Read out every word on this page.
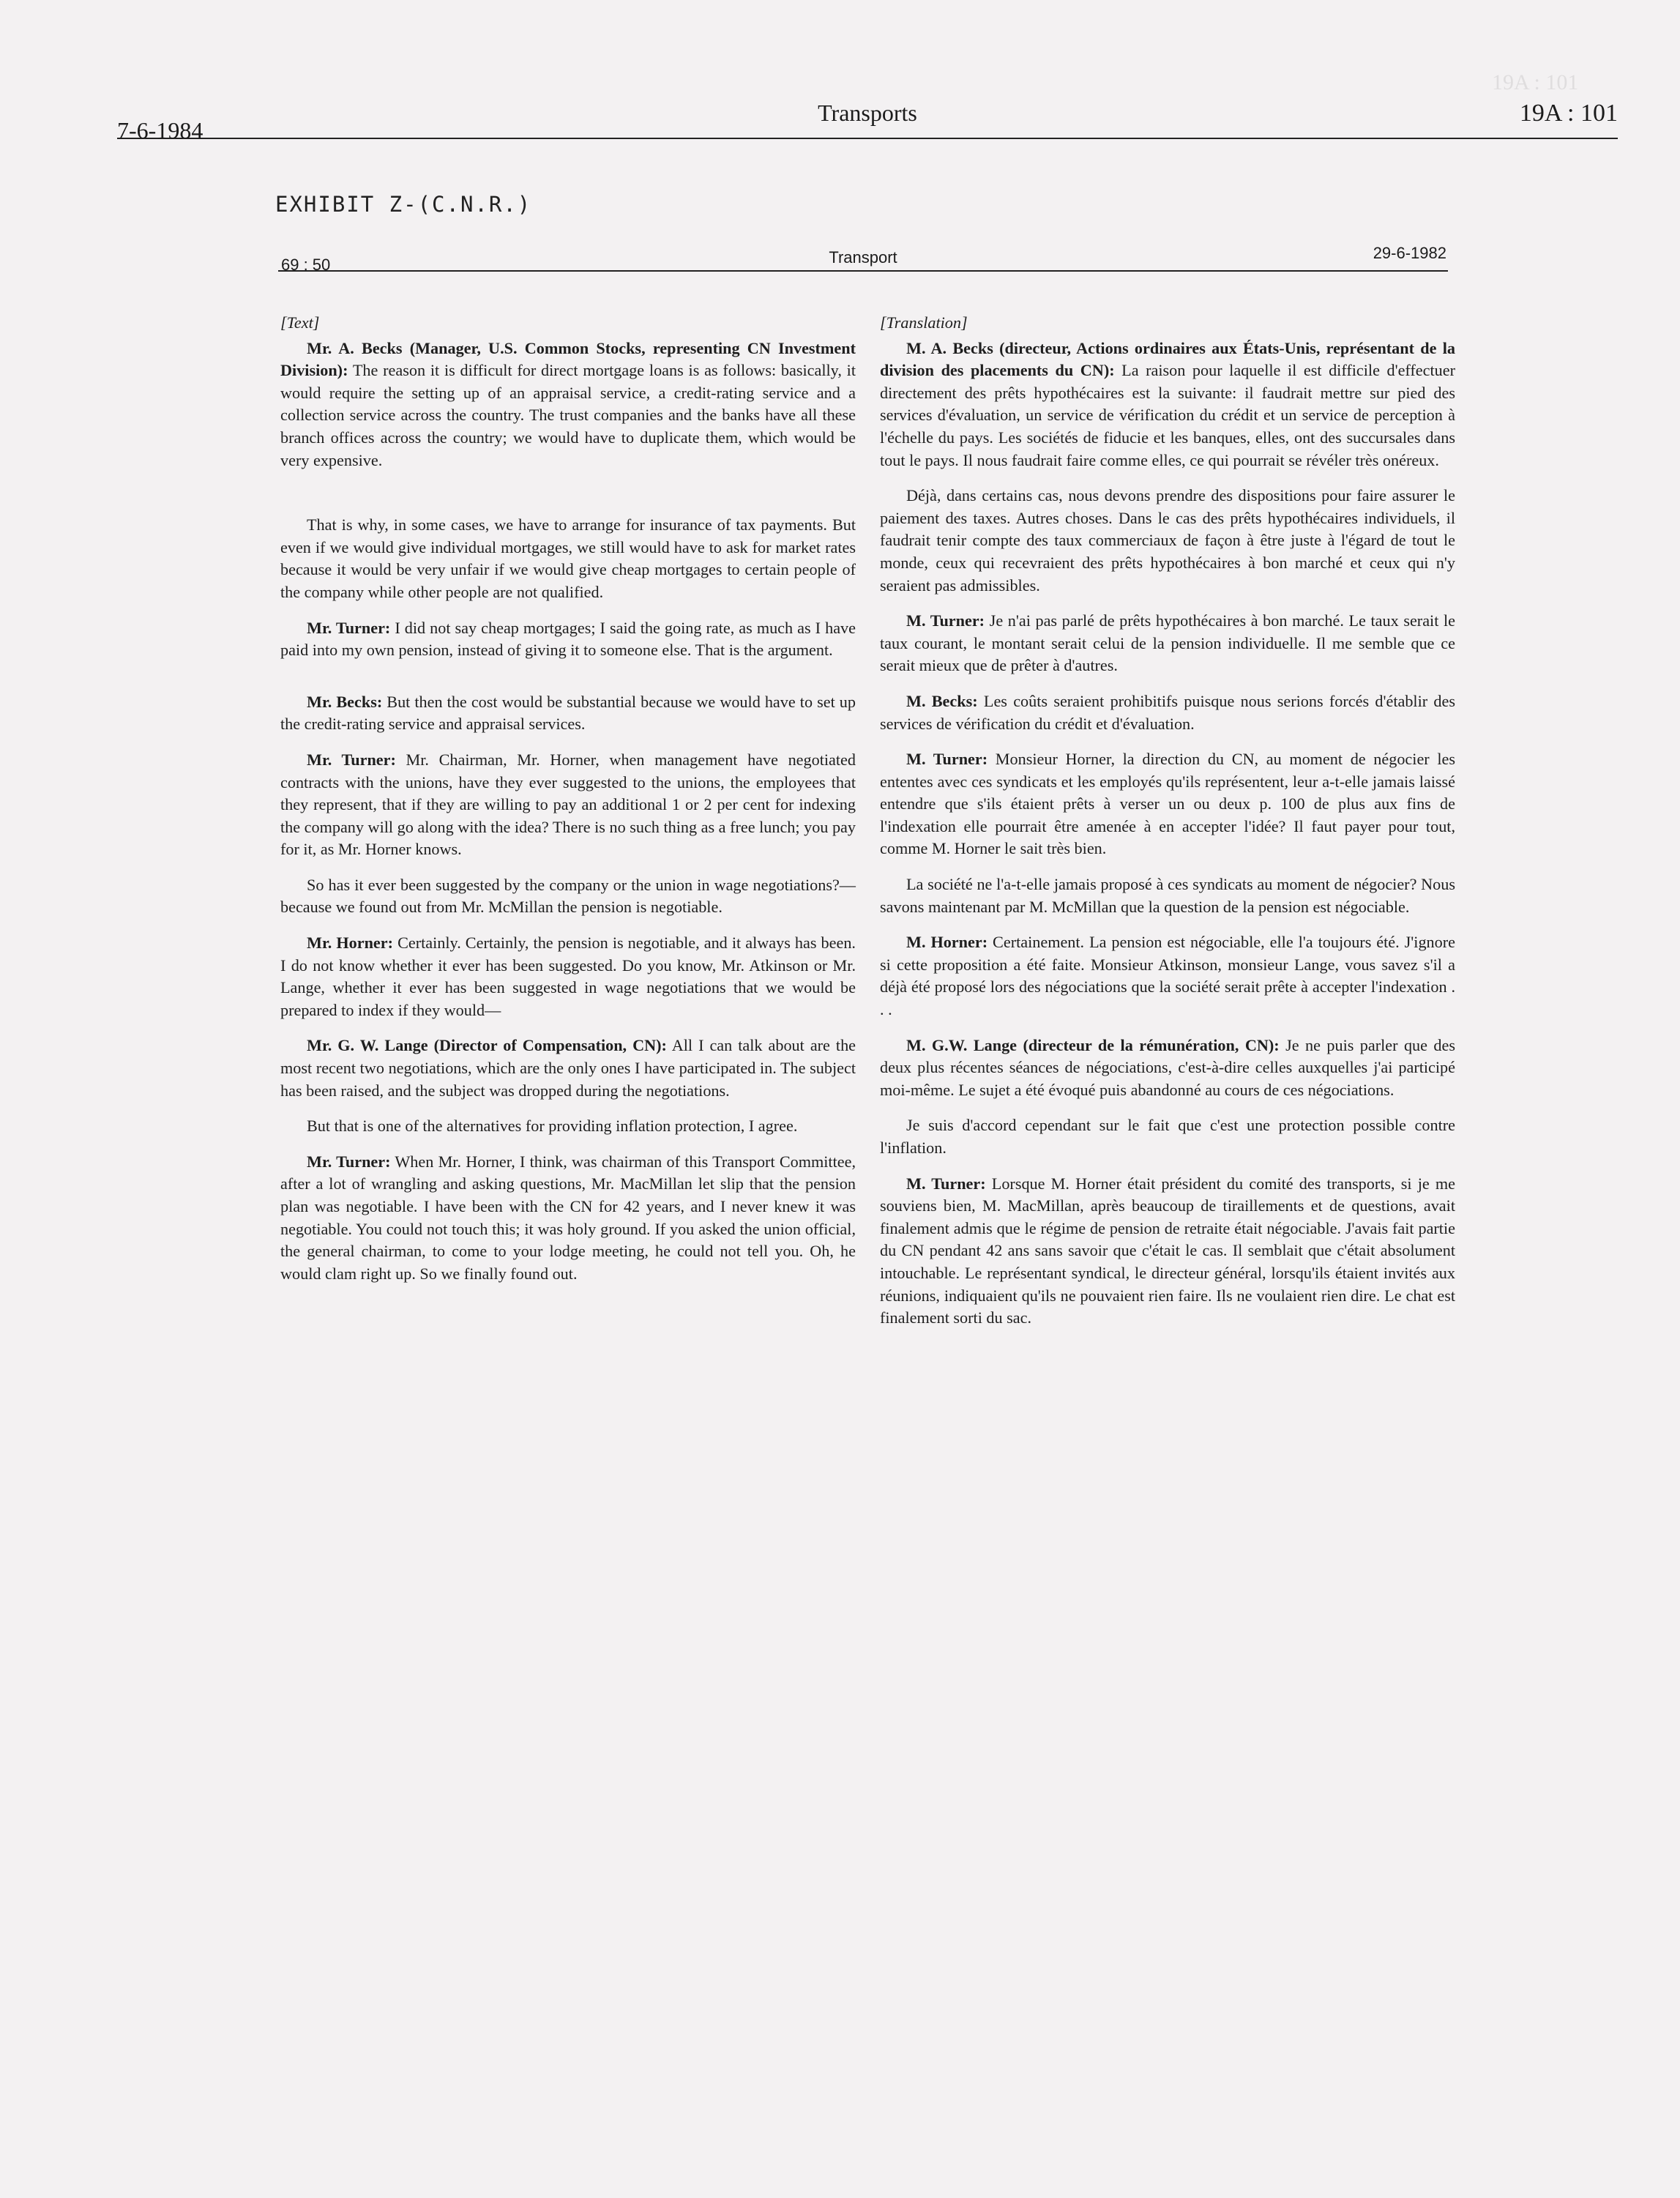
19A : 101
7-6-1984
Transports	19A : 101
EXHIBIT Z-(C.N.R.)
69 : 50	Transport	29-6-1982

[Text]

Mr. A. Becks (Manager, U.S. Common Stocks, representing CN Investment Division): The reason it is difficult for direct mortgage loans is as follows: basically, it would require the setting up of an appraisal service, a credit-rating service and a collection service across the country. The trust companies and the banks have all these branch offices across the country; we would have to duplicate them, which would be very expensive.

That is why, in some cases, we have to arrange for insurance of tax payments. But even if we would give individual mortgages, we still would have to ask for market rates because it would be very unfair if we would give cheap mortgages to certain people of the company while other people are not qualified.

Mr. Turner: I did not say cheap mortgages; I said the going rate, as much as I have paid into my own pension, instead of giving it to someone else. That is the argument.

Mr. Becks: But then the cost would be substantial because we would have to set up the credit-rating service and appraisal services.

Mr. Turner: Mr. Chairman, Mr. Horner, when management have negotiated contracts with the unions, have they ever suggested to the unions, the employees that they represent, that if they are willing to pay an additional 1 or 2 per cent for indexing the company will go along with the idea? There is no such thing as a free lunch; you pay for it, as Mr. Horner knows.

So has it ever been suggested by the company or the union in wage negotiations?—because we found out from Mr. McMillan the pension is negotiable.

Mr. Horner: Certainly. Certainly, the pension is negotiable, and it always has been. I do not know whether it ever has been suggested. Do you know, Mr. Atkinson or Mr. Lange, whether it ever has been suggested in wage negotiations that we would be prepared to index if they would—

Mr. G. W. Lange (Director of Compensation, CN): All I can talk about are the most recent two negotiations, which are the only ones I have participated in. The subject has been raised, and the subject was dropped during the negotiations.

But that is one of the alternatives for providing inflation protection, I agree.

Mr. Turner: When Mr. Horner, I think, was chairman of this Transport Committee, after a lot of wrangling and asking questions, Mr. MacMillan let slip that the pension plan was negotiable. I have been with the CN for 42 years, and I never knew it was negotiable. You could not touch this; it was holy ground. If you asked the union official, the general chairman, to come to your lodge meeting, he could not tell you. Oh, he would clam right up. So we finally found out.

[Translation]

M. A. Becks (directeur, Actions ordinaires aux États-Unis, représentant de la division des placements du CN): La raison pour laquelle il est difficile d'effectuer directement des prêts hypothécaires est la suivante: il faudrait mettre sur pied des services d'évaluation, un service de vérification du crédit et un service de perception à l'échelle du pays. Les sociétés de fiducie et les banques, elles, ont des succursales dans tout le pays. Il nous faudrait faire comme elles, ce qui pourrait se révéler très onéreux.

Déjà, dans certains cas, nous devons prendre des dispositions pour faire assurer le paiement des taxes. Autres choses. Dans le cas des prêts hypothécaires individuels, il faudrait tenir compte des taux commerciaux de façon à être juste à l'égard de tout le monde, ceux qui recevraient des prêts hypothécaires à bon marché et ceux qui n'y seraient pas admissibles.

M. Turner: Je n'ai pas parlé de prêts hypothécaires à bon marché. Le taux serait le taux courant, le montant serait celui de la pension individuelle. Il me semble que ce serait mieux que de prêter à d'autres.

M. Becks: Les coûts seraient prohibitifs puisque nous serions forcés d'établir des services de vérification du crédit et d'évaluation.

M. Turner: Monsieur Horner, la direction du CN, au moment de négocier les ententes avec ces syndicats et les employés qu'ils représentent, leur a-t-elle jamais laissé entendre que s'ils étaient prêts à verser un ou deux p. 100 de plus aux fins de l'indexation elle pourrait être amenée à en accepter l'idée? Il faut payer pour tout, comme M. Horner le sait très bien.

La société ne l'a-t-elle jamais proposé à ces syndicats au moment de négocier? Nous savons maintenant par M. McMillan que la question de la pension est négociable.

M. Horner: Certainement. La pension est négociable, elle l'a toujours été. J'ignore si cette proposition a été faite. Monsieur Atkinson, monsieur Lange, vous savez s'il a déjà été proposé lors des négociations que la société serait prête à accepter l'indexation . . .

M. G.W. Lange (directeur de la rémunération, CN): Je ne puis parler que des deux plus récentes séances de négociations, c'est-à-dire celles auxquelles j'ai participé moi-même. Le sujet a été évoqué puis abandonné au cours de ces négociations.

Je suis d'accord cependant sur le fait que c'est une protection possible contre l'inflation.

M. Turner: Lorsque M. Horner était président du comité des transports, si je me souviens bien, M. MacMillan, après beaucoup de tiraillements et de questions, avait finalement admis que le régime de pension de retraite était négociable. J'avais fait partie du CN pendant 42 ans sans savoir que c'était le cas. Il semblait que c'était absolument intouchable. Le représentant syndical, le directeur général, lorsqu'ils étaient invités aux réunions, indiquaient qu'ils ne pouvaient rien faire. Ils ne voulaient rien dire. Le chat est finalement sorti du sac.
